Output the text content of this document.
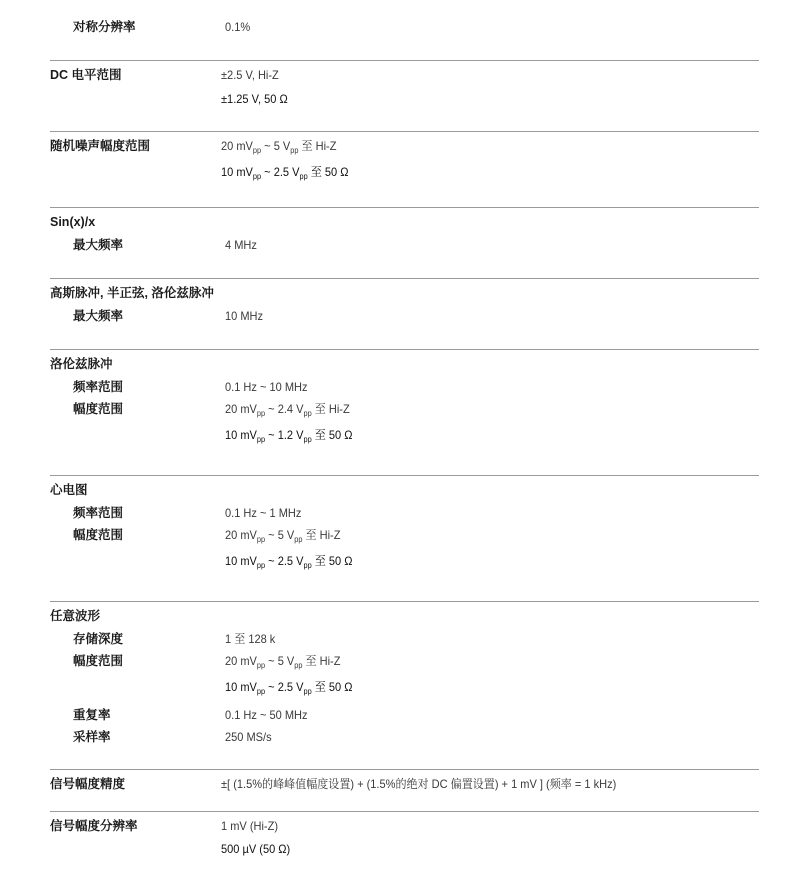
对称分辨率	0.1%
DC 电平范围	±2.5 V, Hi-Z
±1.25 V, 50 Ω
随机噪声幅度范围	20 $mV_{pp}$ ~ 5 $V_{pp}$ 至 Hi-Z
10 $mV_{pp}$ ~ 2.5 $V_{pp}$ 至 50 Ω
Sin(x)/x
最大频率	4 MHz
高斯脉冲, 半正弦, 洛伦兹脉冲
最大频率	10 MHz
洛伦兹脉冲
频率范围	0.1 Hz ~ 10 MHz
幅度范围	20 $mV_{pp}$ ~ 2.4 $V_{pp}$ 至 Hi-Z
10 $mV_{pp}$ ~ 1.2 $V_{pp}$ 至 50 Ω
心电图
频率范围	0.1 Hz ~ 1 MHz
幅度范围	20 $mV_{pp}$ ~ 5 $V_{pp}$ 至 Hi-Z
10 $mV_{pp}$ ~ 2.5 $V_{pp}$ 至 50 Ω
任意波形
存储深度	1 至 128 k
幅度范围	20 $mV_{pp}$ ~ 5 $V_{pp}$ 至 Hi-Z
10 $mV_{pp}$ ~ 2.5 $V_{pp}$ 至 50 Ω
重复率	0.1 Hz ~ 50 MHz
采样率	250 MS/s
信号幅度精度	±[ (1.5%的峰峰值幅度设置) + (1.5%的绝对 DC 偏置设置) + 1 mV ] (频率 = 1 kHz)
信号幅度分辨率	1 mV (Hi-Z)
500 µV (50 Ω)
